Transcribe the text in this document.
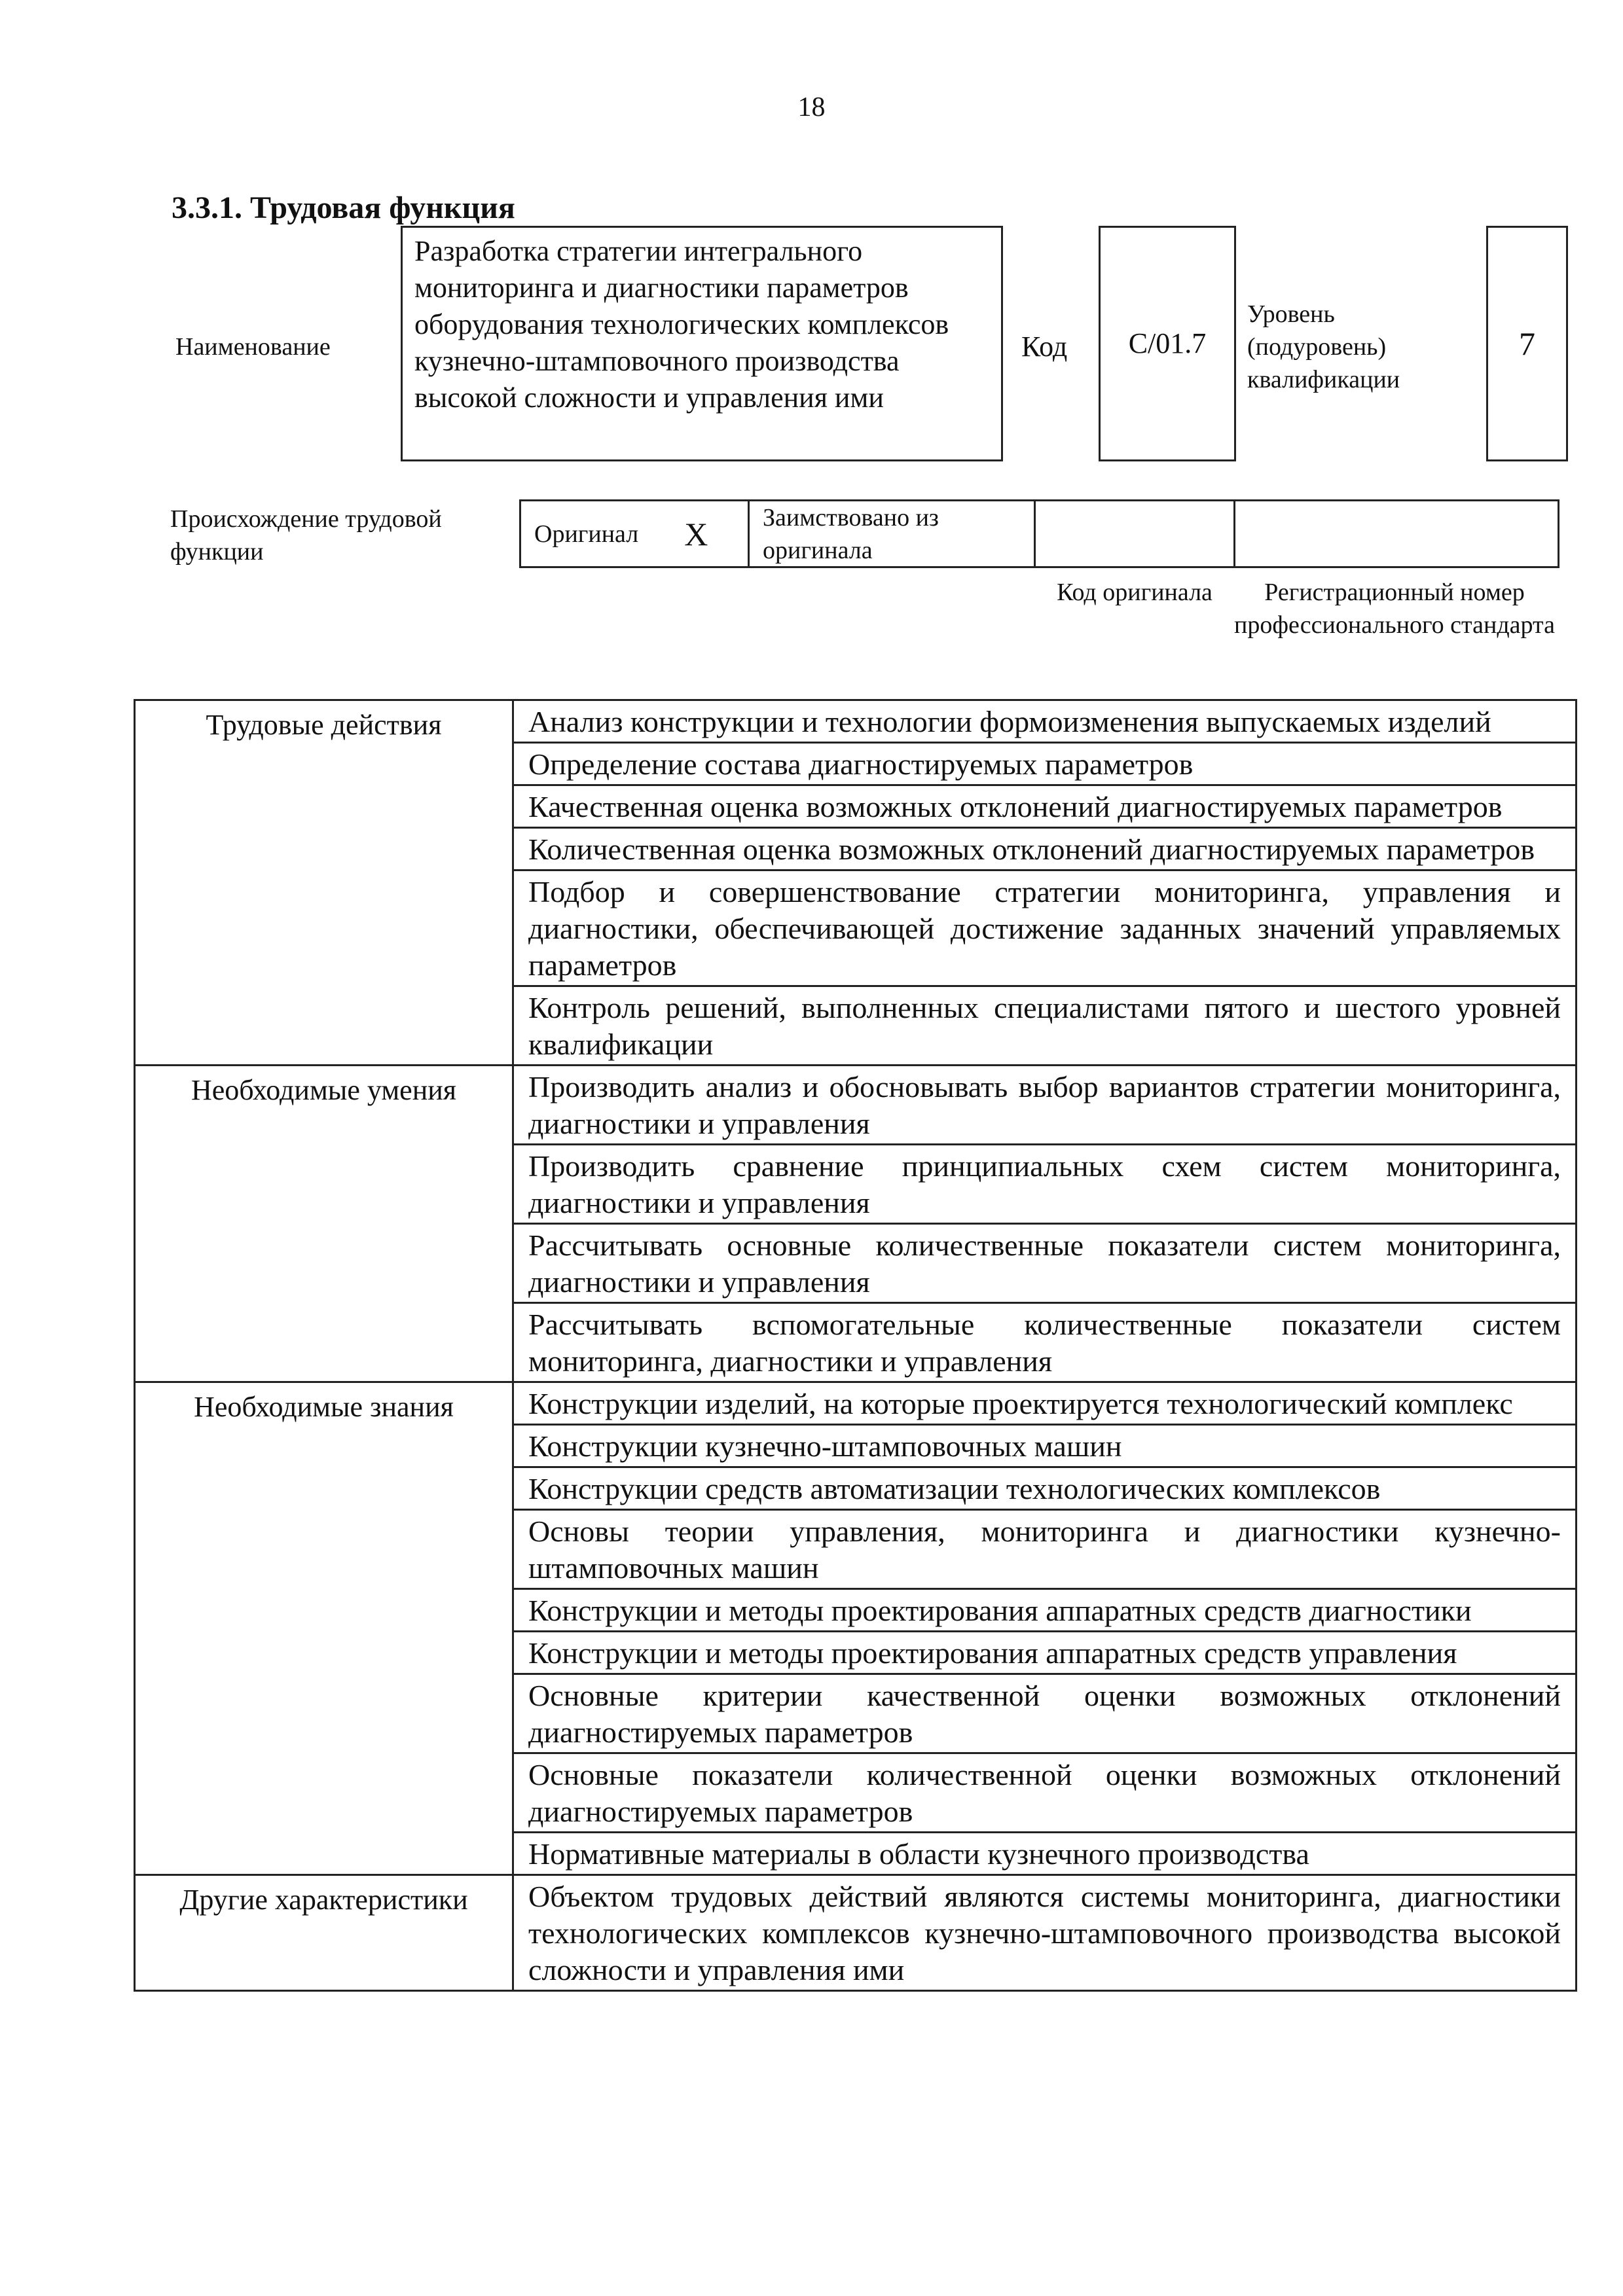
18
3.3.1. Трудовая функция
Наименование
Разработка стратегии интегрального мониторинга и диагностики параметров оборудования технологических комплексов кузнечно-штамповочного производства высокой сложности и управления ими
Код С/01.7
Уровень (подуровень) квалификации
7
Происхождение трудовой функции
Оригинал X Заимствовано из оригинала
Код оригинала	Регистрационный номер профессионального стандарта
Трудовые действия	Анализ конструкции и технологии формоизменения выпускаемых изделий
	Определение состава диагностируемых параметров
	Качественная оценка возможных отклонений диагностируемых параметров
	Количественная оценка возможных отклонений диагностируемых параметров
	Подбор и совершенствование стратегии мониторинга, управления и диагностики, обеспечивающей достижение заданных значений управляемых параметров
	Контроль решений, выполненных специалистами пятого и шестого уровней квалификации
Необходимые умения	Производить анализ и обосновывать выбор вариантов стратегии мониторинга, диагностики и управления
	Производить сравнение принципиальных схем систем мониторинга, диагностики и управления
	Рассчитывать основные количественные показатели систем мониторинга, диагностики и управления
	Рассчитывать вспомогательные количественные показатели систем мониторинга, диагностики и управления
Необходимые знания	Конструкции изделий, на которые проектируется технологический комплекс
	Конструкции кузнечно-штамповочных машин
	Конструкции средств автоматизации технологических комплексов
	Основы теории управления, мониторинга и диагностики кузнечно-штамповочных машин
	Конструкции и методы проектирования аппаратных средств диагностики
	Конструкции и методы проектирования аппаратных средств управления
	Основные критерии качественной оценки возможных отклонений диагностируемых параметров
	Основные показатели количественной оценки возможных отклонений диагностируемых параметров
	Нормативные материалы в области кузнечного производства
Другие характеристики	Объектом трудовых действий являются системы мониторинга, диагностики технологических комплексов кузнечно-штамповочного производства высокой сложности и управления ими
